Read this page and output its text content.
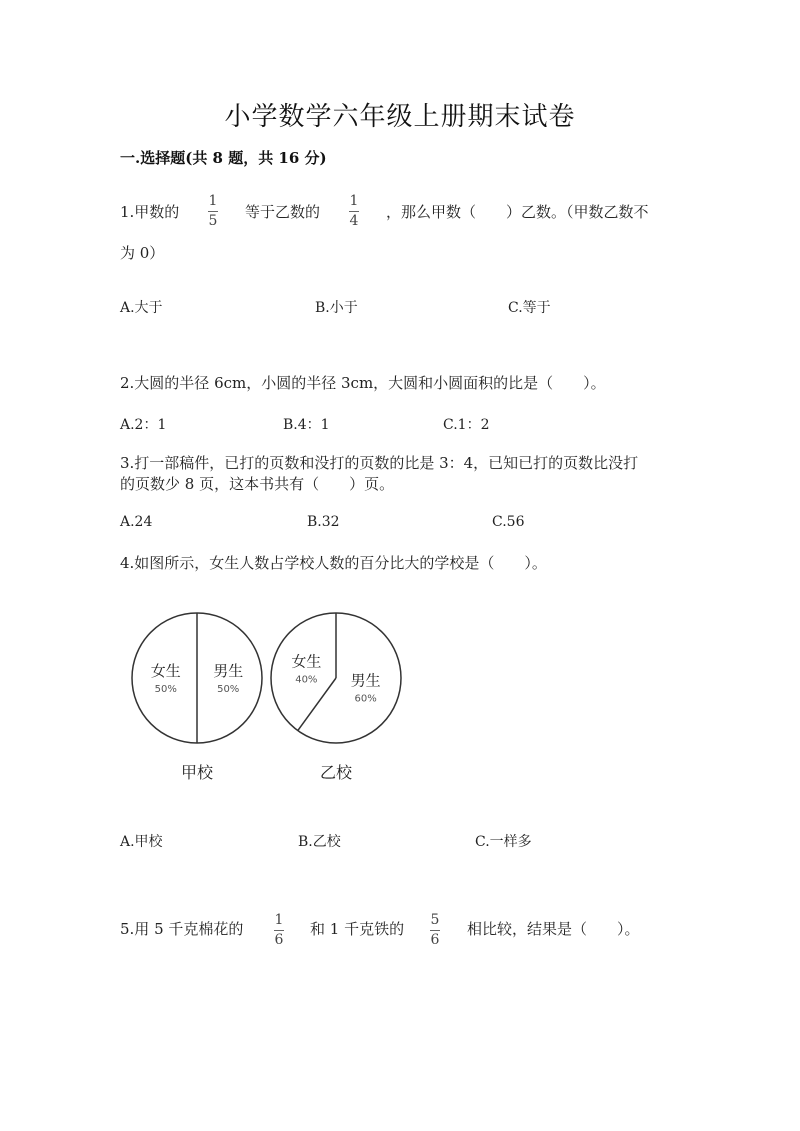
小学数学六年级上册期末试卷
一.选择题(共 8 题，共 16 分)
1.甲数的
1
5 等于乙数的
1
4 ，那么甲数（　　）乙数。（甲数乙数不
为 0）
A.大于	B.小于	C.等于
2.大圆的半径 6cm，小圆的半径 3cm，大圆和小圆面积的比是（　　）。
A.2：1	B.4：1	C.1：2
3.打一部稿件，已打的页数和没打的页数的比是 3：4，已知已打的页数比没打
的页数少 8 页，这本书共有（　　）页。
A.24	B.32	C.56
4.如图所示，女生人数占学校人数的百分比大的学校是（　　）。
女生
50%
男生
50%
甲校
女生
40% 男生
60%
乙校
A.甲校	B.乙校	C.一样多
5.用 5 千克棉花的 1
6
和 1 千克铁的 5
6
相比较，结果是（　　）。
